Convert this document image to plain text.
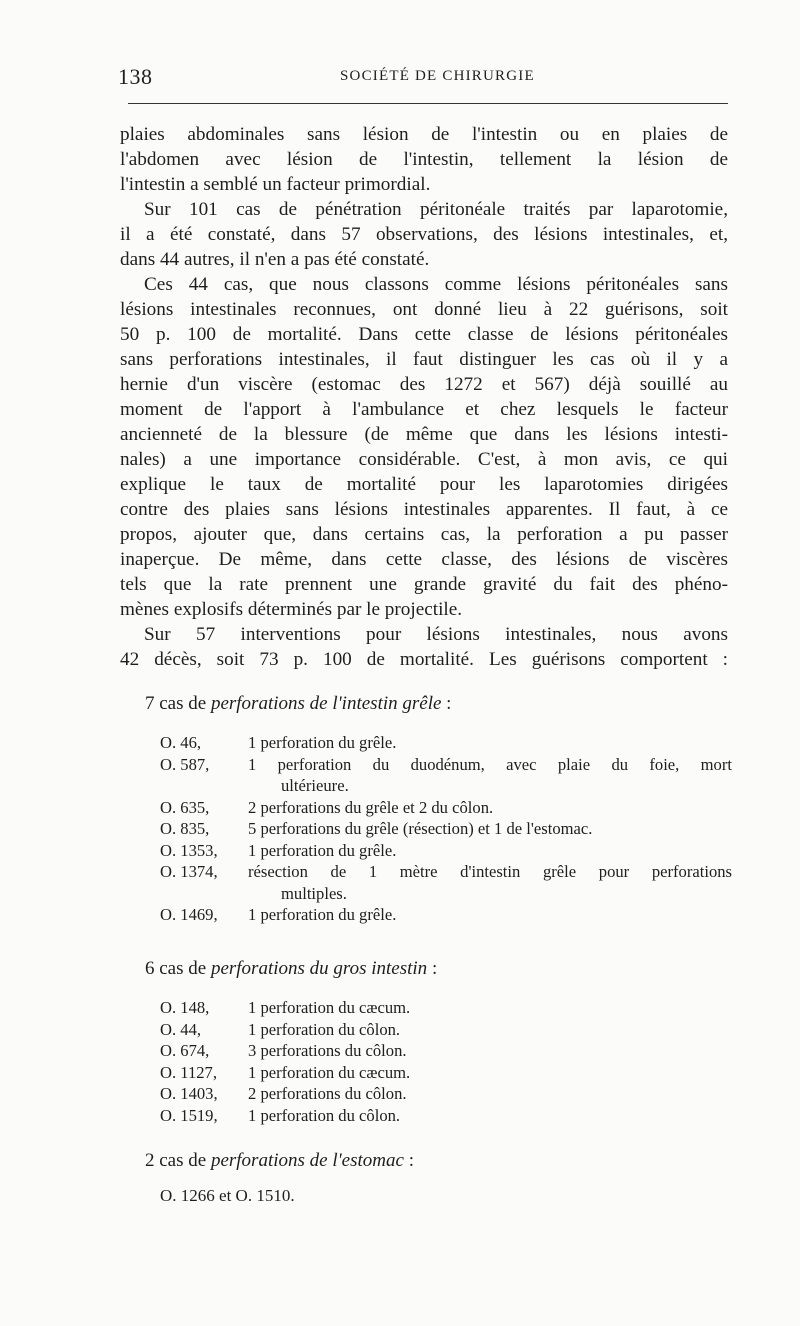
138	SOCIÉTÉ DE CHIRURGIE
plaies abdominales sans lésion de l'intestin ou en plaies de
l'abdomen avec lésion de l'intestin, tellement la lésion de
l'intestin a semblé un facteur primordial.
Sur 101 cas de pénétration péritonéale traités par laparotomie,
il a été constaté, dans 57 observations, des lésions intestinales, et,
dans 44 autres, il n'en a pas été constaté.
Ces 44 cas, que nous classons comme lésions péritonéales sans
lésions intestinales reconnues, ont donné lieu à 22 guérisons, soit
50 p. 100 de mortalité. Dans cette classe de lésions péritonéales
sans perforations intestinales, il faut distinguer les cas où il y a
hernie d'un viscère (estomac des 1272 et 567) déjà souillé au
moment de l'apport à l'ambulance et chez lesquels le facteur
ancienneté de la blessure (de même que dans les lésions intesti-
nales) a une importance considérable. C'est, à mon avis, ce qui
explique le taux de mortalité pour les laparotomies dirigées
contre des plaies sans lésions intestinales apparentes. Il faut, à ce
propos, ajouter que, dans certains cas, la perforation a pu passer
inaperçue. De même, dans cette classe, des lésions de viscères
tels que la rate prennent une grande gravité du fait des phéno-
mènes explosifs déterminés par le projectile.
Sur 57 interventions pour lésions intestinales, nous avons
42 décès, soit 73 p. 100 de mortalité. Les guérisons comportent :
7 cas de perforations de l'intestin grêle :
O. 46,	1 perforation du grêle.
O. 587,	1 perforation du duodénum, avec plaie du foie, mort
ultérieure.
O. 635,	2 perforations du grêle et 2 du côlon.
O. 835,	5 perforations du grêle (résection) et 1 de l'estomac.
O. 1353,	1 perforation du grêle.
O. 1374,	résection de 1 mètre d'intestin grêle pour perforations
multiples.
O. 1469,	1 perforation du grêle.
6 cas de perforations du gros intestin :
O. 148,	1 perforation du cæcum.
O. 44,	1 perforation du côlon.
O. 674,	3 perforations du côlon.
O. 1127,	1 perforation du cæcum.
O. 1403,	2 perforations du côlon.
O. 1519,	1 perforation du côlon.
2 cas de perforations de l'estomac :
O. 1266 et O. 1510.
